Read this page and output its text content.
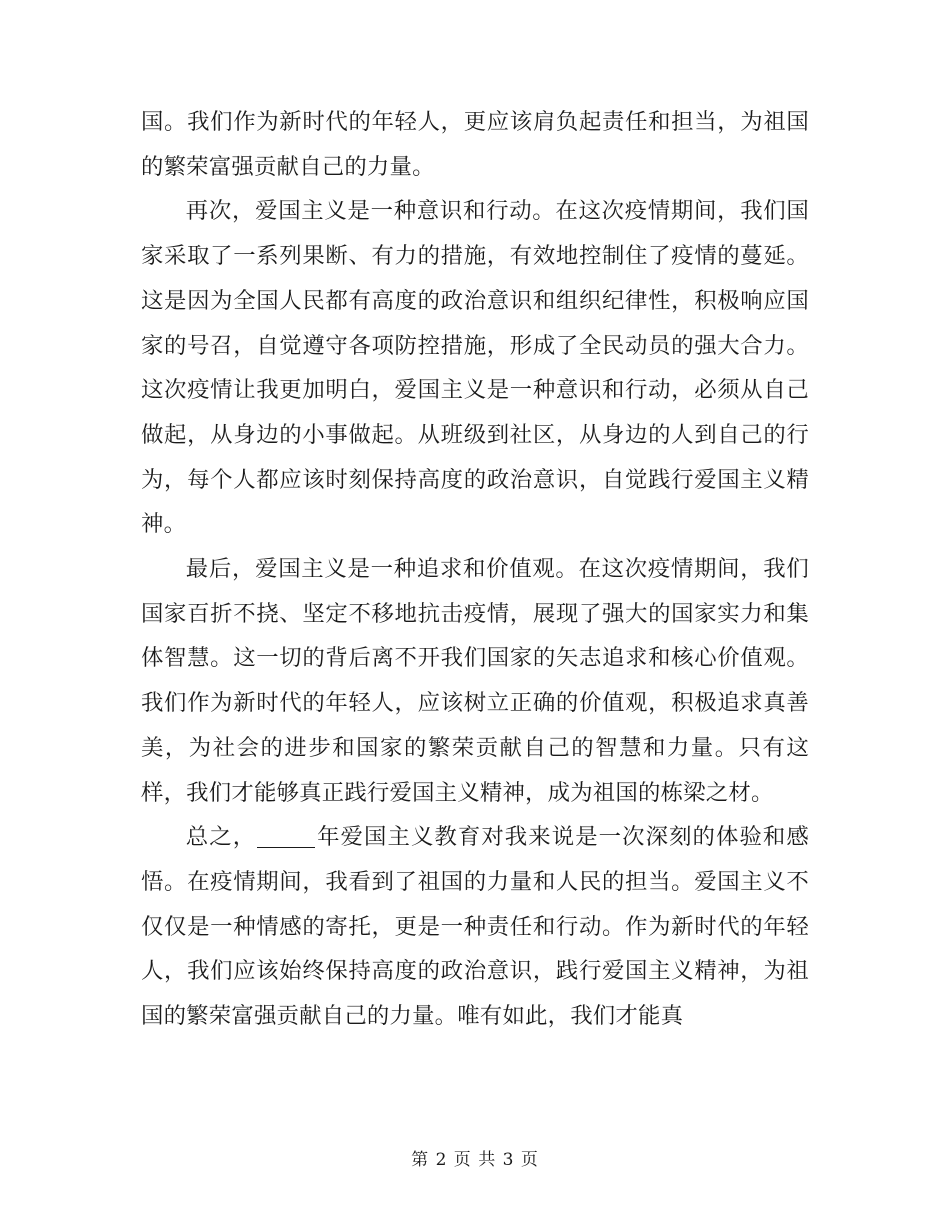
国。我们作为新时代的年轻人，更应该肩负起责任和担当，为祖国的繁荣富强贡献自己的力量。

再次，爱国主义是一种意识和行动。在这次疫情期间，我们国家采取了一系列果断、有力的措施，有效地控制住了疫情的蔓延。这是因为全国人民都有高度的政治意识和组织纪律性，积极响应国家的号召，自觉遵守各项防控措施，形成了全民动员的强大合力。这次疫情让我更加明白，爱国主义是一种意识和行动，必须从自己做起，从身边的小事做起。从班级到社区，从身边的人到自己的行为，每个人都应该时刻保持高度的政治意识，自觉践行爱国主义精神。

最后，爱国主义是一种追求和价值观。在这次疫情期间，我们国家百折不挠、坚定不移地抗击疫情，展现了强大的国家实力和集体智慧。这一切的背后离不开我们国家的矢志追求和核心价值观。我们作为新时代的年轻人，应该树立正确的价值观，积极追求真善美，为社会的进步和国家的繁荣贡献自己的智慧和力量。只有这样，我们才能够真正践行爱国主义精神，成为祖国的栋梁之材。

总之，	年爱国主义教育对我来说是一次深刻的体验和感悟。在疫情期间，我看到了祖国的力量和人民的担当。爱国主义不仅仅是一种情感的寄托，更是一种责任和行动。作为新时代的年轻人，我们应该始终保持高度的政治意识，践行爱国主义精神，为祖国的繁荣富强贡献自己的力量。唯有如此，我们才能真

第 2 页 共 3 页
